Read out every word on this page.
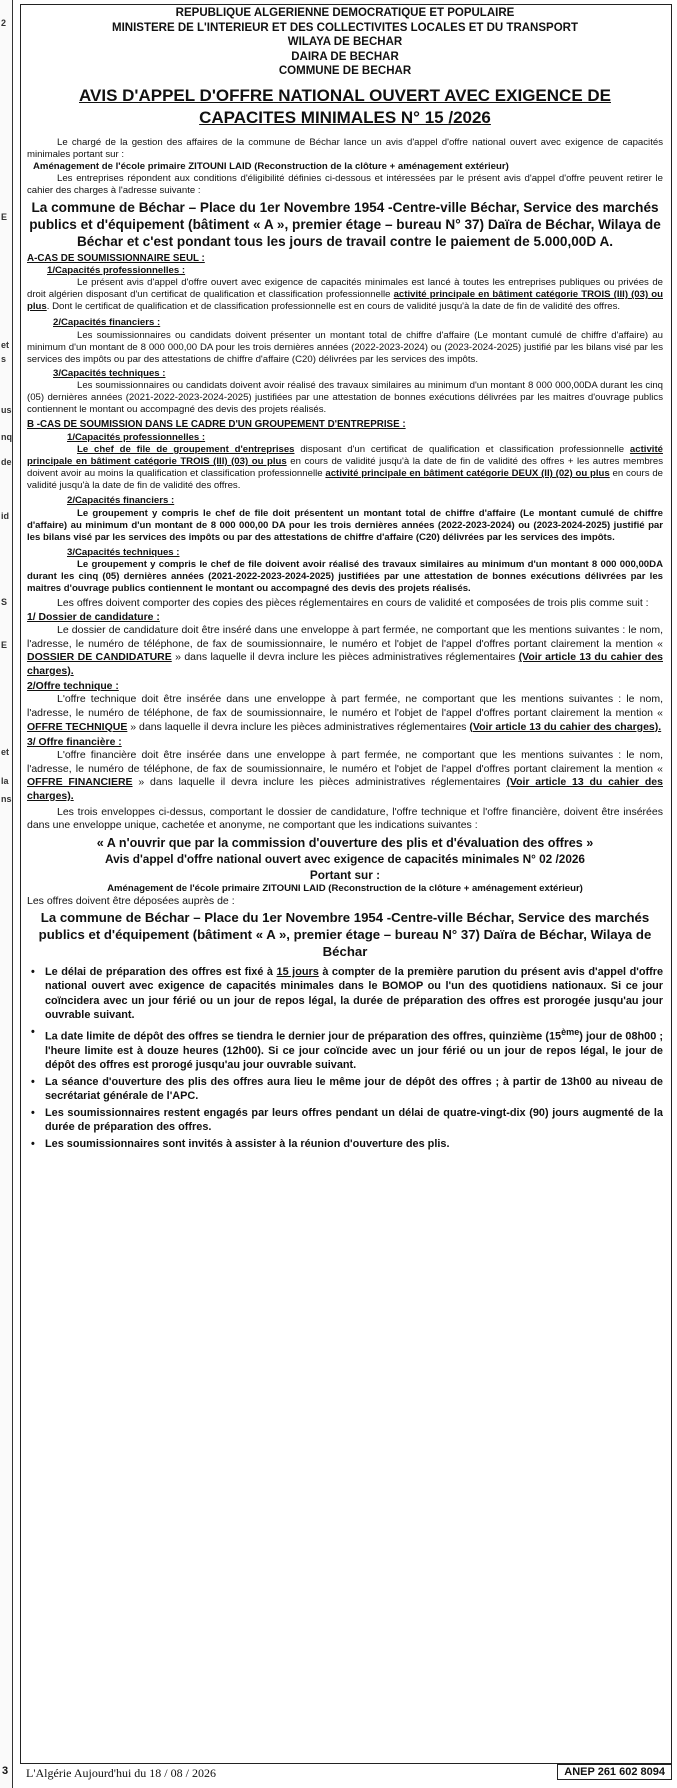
2
E
et
s
us
nq
de
id
S
E
et
la
ns
REPUBLIQUE ALGERIENNE DEMOCRATIQUE ET POPULAIRE
MINISTERE DE L'INTERIEUR ET DES COLLECTIVITES LOCALES ET DU TRANSPORT
WILAYA DE BECHAR
DAIRA DE BECHAR
COMMUNE DE BECHAR
AVIS D'APPEL D'OFFRE NATIONAL OUVERT AVEC EXIGENCE DE
CAPACITES MINIMALES N° 15 /2026

Le chargé de la gestion des affaires de la commune de Béchar lance un avis d'appel d'offre national ouvert avec exigence de capacités minimales portant sur :

Aménagement de l'école primaire ZITOUNI LAID (Reconstruction de la clôture + aménagement extérieur)

Les entreprises répondent aux conditions d'éligibilité définies ci-dessous et intéressées par le présent avis d'appel d'offre peuvent retirer le cahier des charges à l'adresse suivante :

La commune de Béchar – Place du 1er Novembre 1954 -Centre-ville Béchar, Service des marchés publics et d'équipement (bâtiment « A », premier étage – bureau N° 37) Daïra de Béchar, Wilaya de Béchar et c'est pondant tous les jours de travail contre le paiement de 5.000,00D A.

A-CAS DE SOUMISSIONNAIRE SEUL :
1/Capacités professionnelles :

Le présent avis d'appel d'offre ouvert avec exigence de capacités minimales est lancé à toutes les entreprises publiques ou privées de droit algérien disposant d'un certificat de qualification et classification professionnelle activité principale en bâtiment catégorie TROIS (III) (03) ou plus. Dont le certificat de qualification et de classification professionnelle est en cours de validité jusqu'à la date de fin de validité des offres.

2/Capacités financiers :

Les soumissionnaires ou candidats doivent présenter un montant total de chiffre d'affaire (Le montant cumulé de chiffre d'affaire) au minimum d'un montant de 8 000 000,00 DA pour les trois dernières années (2022-2023-2024) ou (2023-2024-2025) justifié par les bilans visé par les services des impôts ou par des attestations de chiffre d'affaire (C20) délivrées par les services des impôts.

3/Capacités techniques :

Les soumissionnaires ou candidats doivent avoir réalisé des travaux similaires au minimum d'un montant 8 000 000,00DA durant les cinq (05) dernières années (2021-2022-2023-2024-2025) justifiées par une attestation de bonnes exécutions délivrées par les maitres d'ouvrage publics contiennent le montant ou accompagné des devis des projets réalisés.

B -CAS DE SOUMISSION DANS LE CADRE D'UN GROUPEMENT D'ENTREPRISE :
1/Capacités professionnelles :

Le chef de file de groupement d'entreprises disposant d'un certificat de qualification et classification professionnelle activité principale en bâtiment catégorie TROIS (III) (03) ou plus en cours de validité jusqu'à la date de fin de validité des offres + les autres membres doivent avoir au moins la qualification et classification professionnelle activité principale en bâtiment catégorie DEUX (II) (02) ou plus en cours de validité jusqu'à la date de fin de validité des offres.

2/Capacités financiers :

Le groupement y compris le chef de file doit présentent un montant total de chiffre d'affaire (Le montant cumulé de chiffre d'affaire) au minimum d'un montant de 8 000 000,00 DA pour les trois dernières années (2022-2023-2024) ou (2023-2024-2025) justifié par les bilans visé par les services des impôts ou par des attestations de chiffre d'affaire (C20) délivrées par les services des impôts.

3/Capacités techniques :

Le groupement y compris le chef de file doivent avoir réalisé des travaux similaires au minimum d'un montant 8 000 000,00DA durant les cinq (05) dernières années (2021-2022-2023-2024-2025) justifiées par une attestation de bonnes exécutions délivrées par les maitres d'ouvrage publics contiennent le montant ou accompagné des devis des projets réalisés.

Les offres doivent comporter des copies des pièces réglementaires en cours de validité et composées de trois plis comme suit :

1/ Dossier de candidature :

Le dossier de candidature doit être inséré dans une enveloppe à part fermée, ne comportant que les mentions suivantes : le nom, l'adresse, le numéro de téléphone, de fax de soumissionnaire, le numéro et l'objet de l'appel d'offres portant clairement la mention « DOSSIER DE CANDIDATURE » dans laquelle il devra inclure les pièces administratives réglementaires (Voir article 13 du cahier des charges).

2/Offre technique :

L'offre technique doit être insérée dans une enveloppe à part fermée, ne comportant que les mentions suivantes : le nom, l'adresse, le numéro de téléphone, de fax de soumissionnaire, le numéro et l'objet de l'appel d'offres portant clairement la mention « OFFRE TECHNIQUE » dans laquelle il devra inclure les pièces administratives réglementaires (Voir article 13 du cahier des charges).

3/ Offre financière :

L'offre financière doit être insérée dans une enveloppe à part fermée, ne comportant que les mentions suivantes : le nom, l'adresse, le numéro de téléphone, de fax de soumissionnaire, le numéro et l'objet de l'appel d'offres portant clairement la mention « OFFRE FINANCIERE » dans laquelle il devra inclure les pièces administratives réglementaires (Voir article 13 du cahier des charges).

Les trois enveloppes ci-dessus, comportant le dossier de candidature, l'offre technique et l'offre financière, doivent être insérées dans une enveloppe unique, cachetée et anonyme, ne comportant que les indications suivantes :

« A n'ouvrir que par la commission d'ouverture des plis et d'évaluation des offres »
Avis d'appel d'offre national ouvert avec exigence de capacités minimales N° 02 /2026
Portant sur :
Aménagement de l'école primaire ZITOUNI LAID (Reconstruction de la clôture + aménagement extérieur)
Les offres doivent être déposées auprès de :

La commune de Béchar – Place du 1er Novembre 1954 -Centre-ville Béchar, Service des marchés publics et d'équipement (bâtiment « A », premier étage – bureau N° 37) Daïra de Béchar, Wilaya de Béchar

• Le délai de préparation des offres est fixé à 15 jours à compter de la première parution du présent avis d'appel d'offre national ouvert avec exigence de capacités minimales dans le BOMOP ou l'un des quotidiens nationaux. Si ce jour coïncidera avec un jour férié ou un jour de repos légal, la durée de préparation des offres est prorogée jusqu'au jour ouvrable suivant.
• La date limite de dépôt des offres se tiendra le dernier jour de préparation des offres, quinzième (15ème) jour de 08h00 ; l'heure limite est à douze heures (12h00). Si ce jour coïncide avec un jour férié ou un jour de repos légal, le jour de dépôt des offres est prorogé jusqu'au jour ouvrable suivant.
• La séance d'ouverture des plis des offres aura lieu le même jour de dépôt des offres ; à partir de 13h00 au niveau de secrétariat générale de l'APC.
• Les soumissionnaires restent engagés par leurs offres pendant un délai de quatre-vingt-dix (90) jours augmenté de la durée de préparation des offres.
• Les soumissionnaires sont invités à assister à la réunion d'ouverture des plis.
3 L'Algérie Aujourd'hui du 18 / 08 / 2026	ANEP 261 602 8094
